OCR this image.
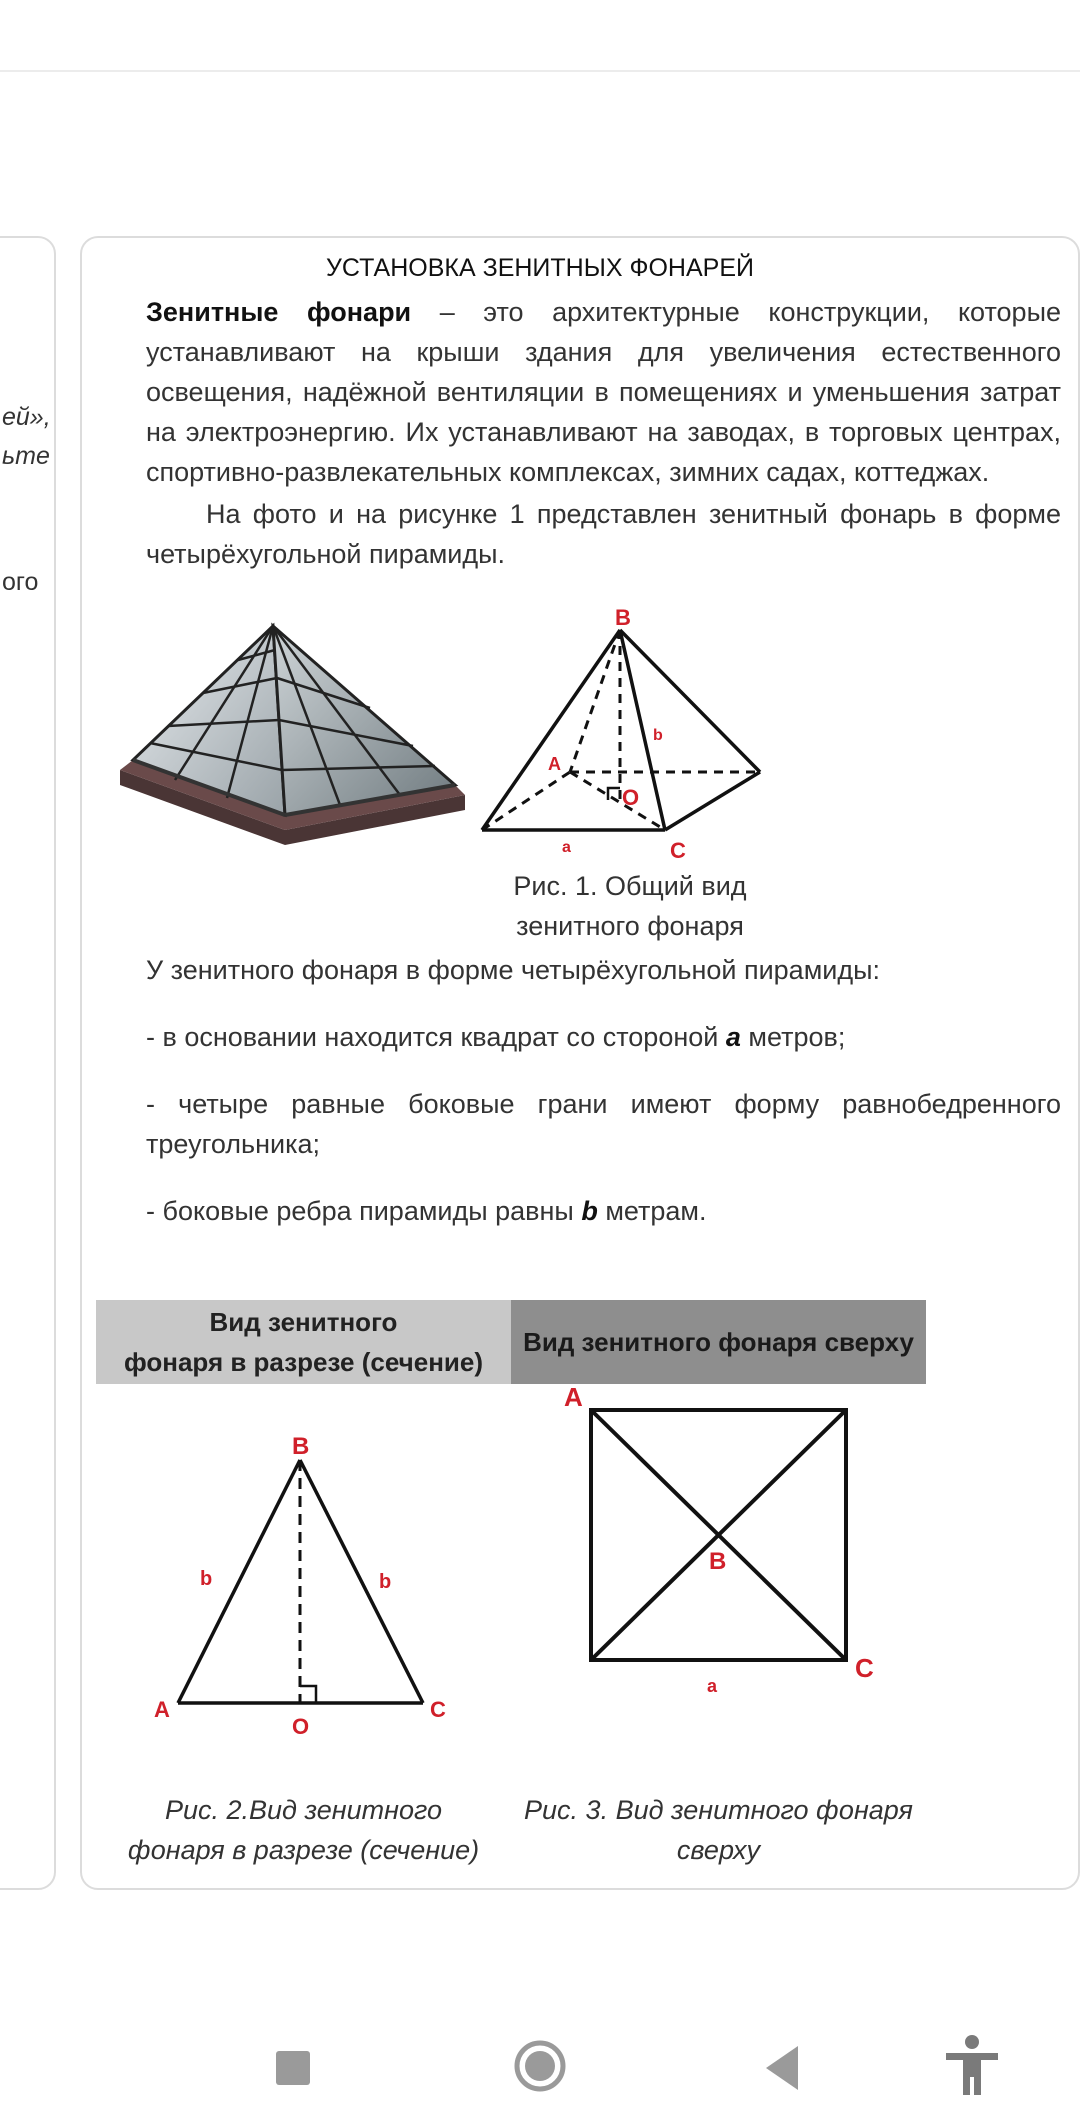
ей»,
ьте
ого
УСТАНОВКА ЗЕНИТНЫХ ФОНАРЕЙ
Зенитные фонари – это архитектурные конструкции, которые устанавливают на крыши здания для увеличения естественного освещения, надёжной вентиляции в помещениях и уменьшения затрат на электроэнергию. Их устанавливают на заводах, в торговых центрах, спортивно-развлекательных комплексах, зимних садах, коттеджах.
На фото и на рисунке 1 представлен зенитный фонарь в форме четырёхугольной пирамиды.
B
A
O
C
a
b
Рис. 1. Общий вид
зенитного фонаря
У зенитного фонаря в форме четырёхугольной пирамиды:
- в основании находится квадрат со стороной a метров;
- четыре равные боковые грани имеют форму равнобедренного треугольника;
- боковые ребра пирамиды равны b метрам.
Вид зенитного
фонаря в разрезе (сечение)
Вид зенитного фонаря сверху
B
A
O
C
b	b
A
B
C
a
Рис. 2.Вид зенитного
фонаря в разрезе (сечение)
Рис. 3. Вид зенитного фонаря
сверху
